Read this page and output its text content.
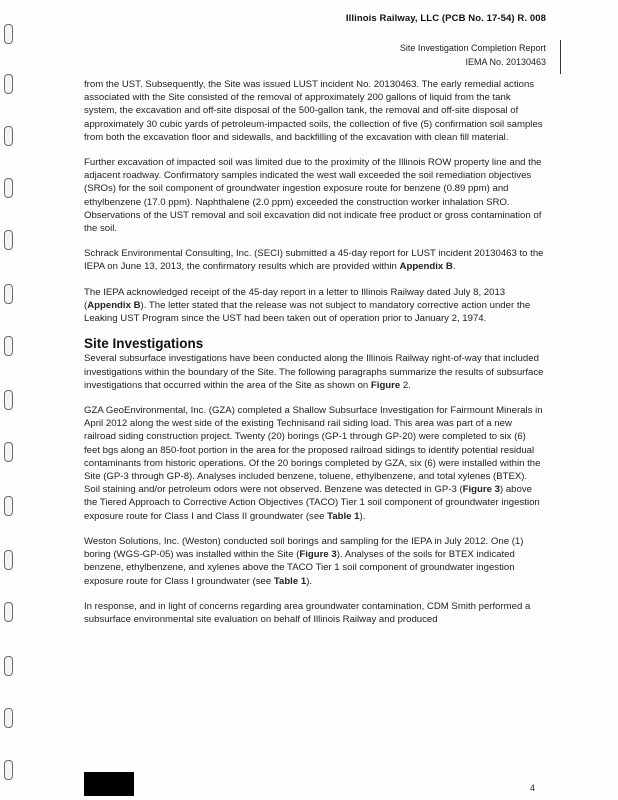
Illinois Railway, LLC (PCB No. 17-54) R. 008
Site Investigation Completion Report
IEMA No. 20130463

from the UST. Subsequently, the Site was issued LUST incident No. 20130463. The early remedial actions associated with the Site consisted of the removal of approximately 200 gallons of liquid from the tank system, the excavation and off-site disposal of the 500-gallon tank, the removal and off-site disposal of approximately 30 cubic yards of petroleum-impacted soils, the collection of five (5) confirmation soil samples from both the excavation floor and sidewalls, and backfilling of the excavation with clean fill material.

Further excavation of impacted soil was limited due to the proximity of the Illinois ROW property line and the adjacent roadway. Confirmatory samples indicated the west wall exceeded the soil remediation objectives (SROs) for the soil component of groundwater ingestion exposure route for benzene (0.89 ppm) and ethylbenzene (17.0 ppm). Naphthalene (2.0 ppm) exceeded the construction worker inhalation SRO. Observations of the UST removal and soil excavation did not indicate free product or gross contamination of the soil.

Schrack Environmental Consulting, Inc. (SECI) submitted a 45-day report for LUST incident 20130463 to the IEPA on June 13, 2013, the confirmatory results which are provided within Appendix B.

The IEPA acknowledged receipt of the 45-day report in a letter to Illinois Railway dated July 8, 2013 (Appendix B). The letter stated that the release was not subject to mandatory corrective action under the Leaking UST Program since the UST had been taken out of operation prior to January 2, 1974.

Site Investigations

Several subsurface investigations have been conducted along the Illinois Railway right-of-way that included investigations within the boundary of the Site. The following paragraphs summarize the results of subsurface investigations that occurred within the area of the Site as shown on Figure 2.

GZA GeoEnvironmental, Inc. (GZA) completed a Shallow Subsurface Investigation for Fairmount Minerals in April 2012 along the west side of the existing Technisand rail siding load. This area was part of a new railroad siding construction project. Twenty (20) borings (GP-1 through GP-20) were completed to six (6) feet bgs along an 850-foot portion in the area for the proposed railroad sidings to identify potential residual contaminants from historic operations. Of the 20 borings completed by GZA, six (6) were installed within the Site (GP-3 through GP-8). Analyses included benzene, toluene, ethylbenzene, and total xylenes (BTEX). Soil staining and/or petroleum odors were not observed. Benzene was detected in GP-3 (Figure 3) above the Tiered Approach to Corrective Action Objectives (TACO) Tier 1 soil component of groundwater ingestion exposure route for Class I and Class II groundwater (see Table 1).

Weston Solutions, Inc. (Weston) conducted soil borings and sampling for the IEPA in July 2012. One (1) boring (WGS-GP-05) was installed within the Site (Figure 3). Analyses of the soils for BTEX indicated benzene, ethylbenzene, and xylenes above the TACO Tier 1 soil component of groundwater ingestion exposure route for Class I groundwater (see Table 1).

In response, and in light of concerns regarding area groundwater contamination, CDM Smith performed a subsurface environmental site evaluation on behalf of Illinois Railway and produced

4
